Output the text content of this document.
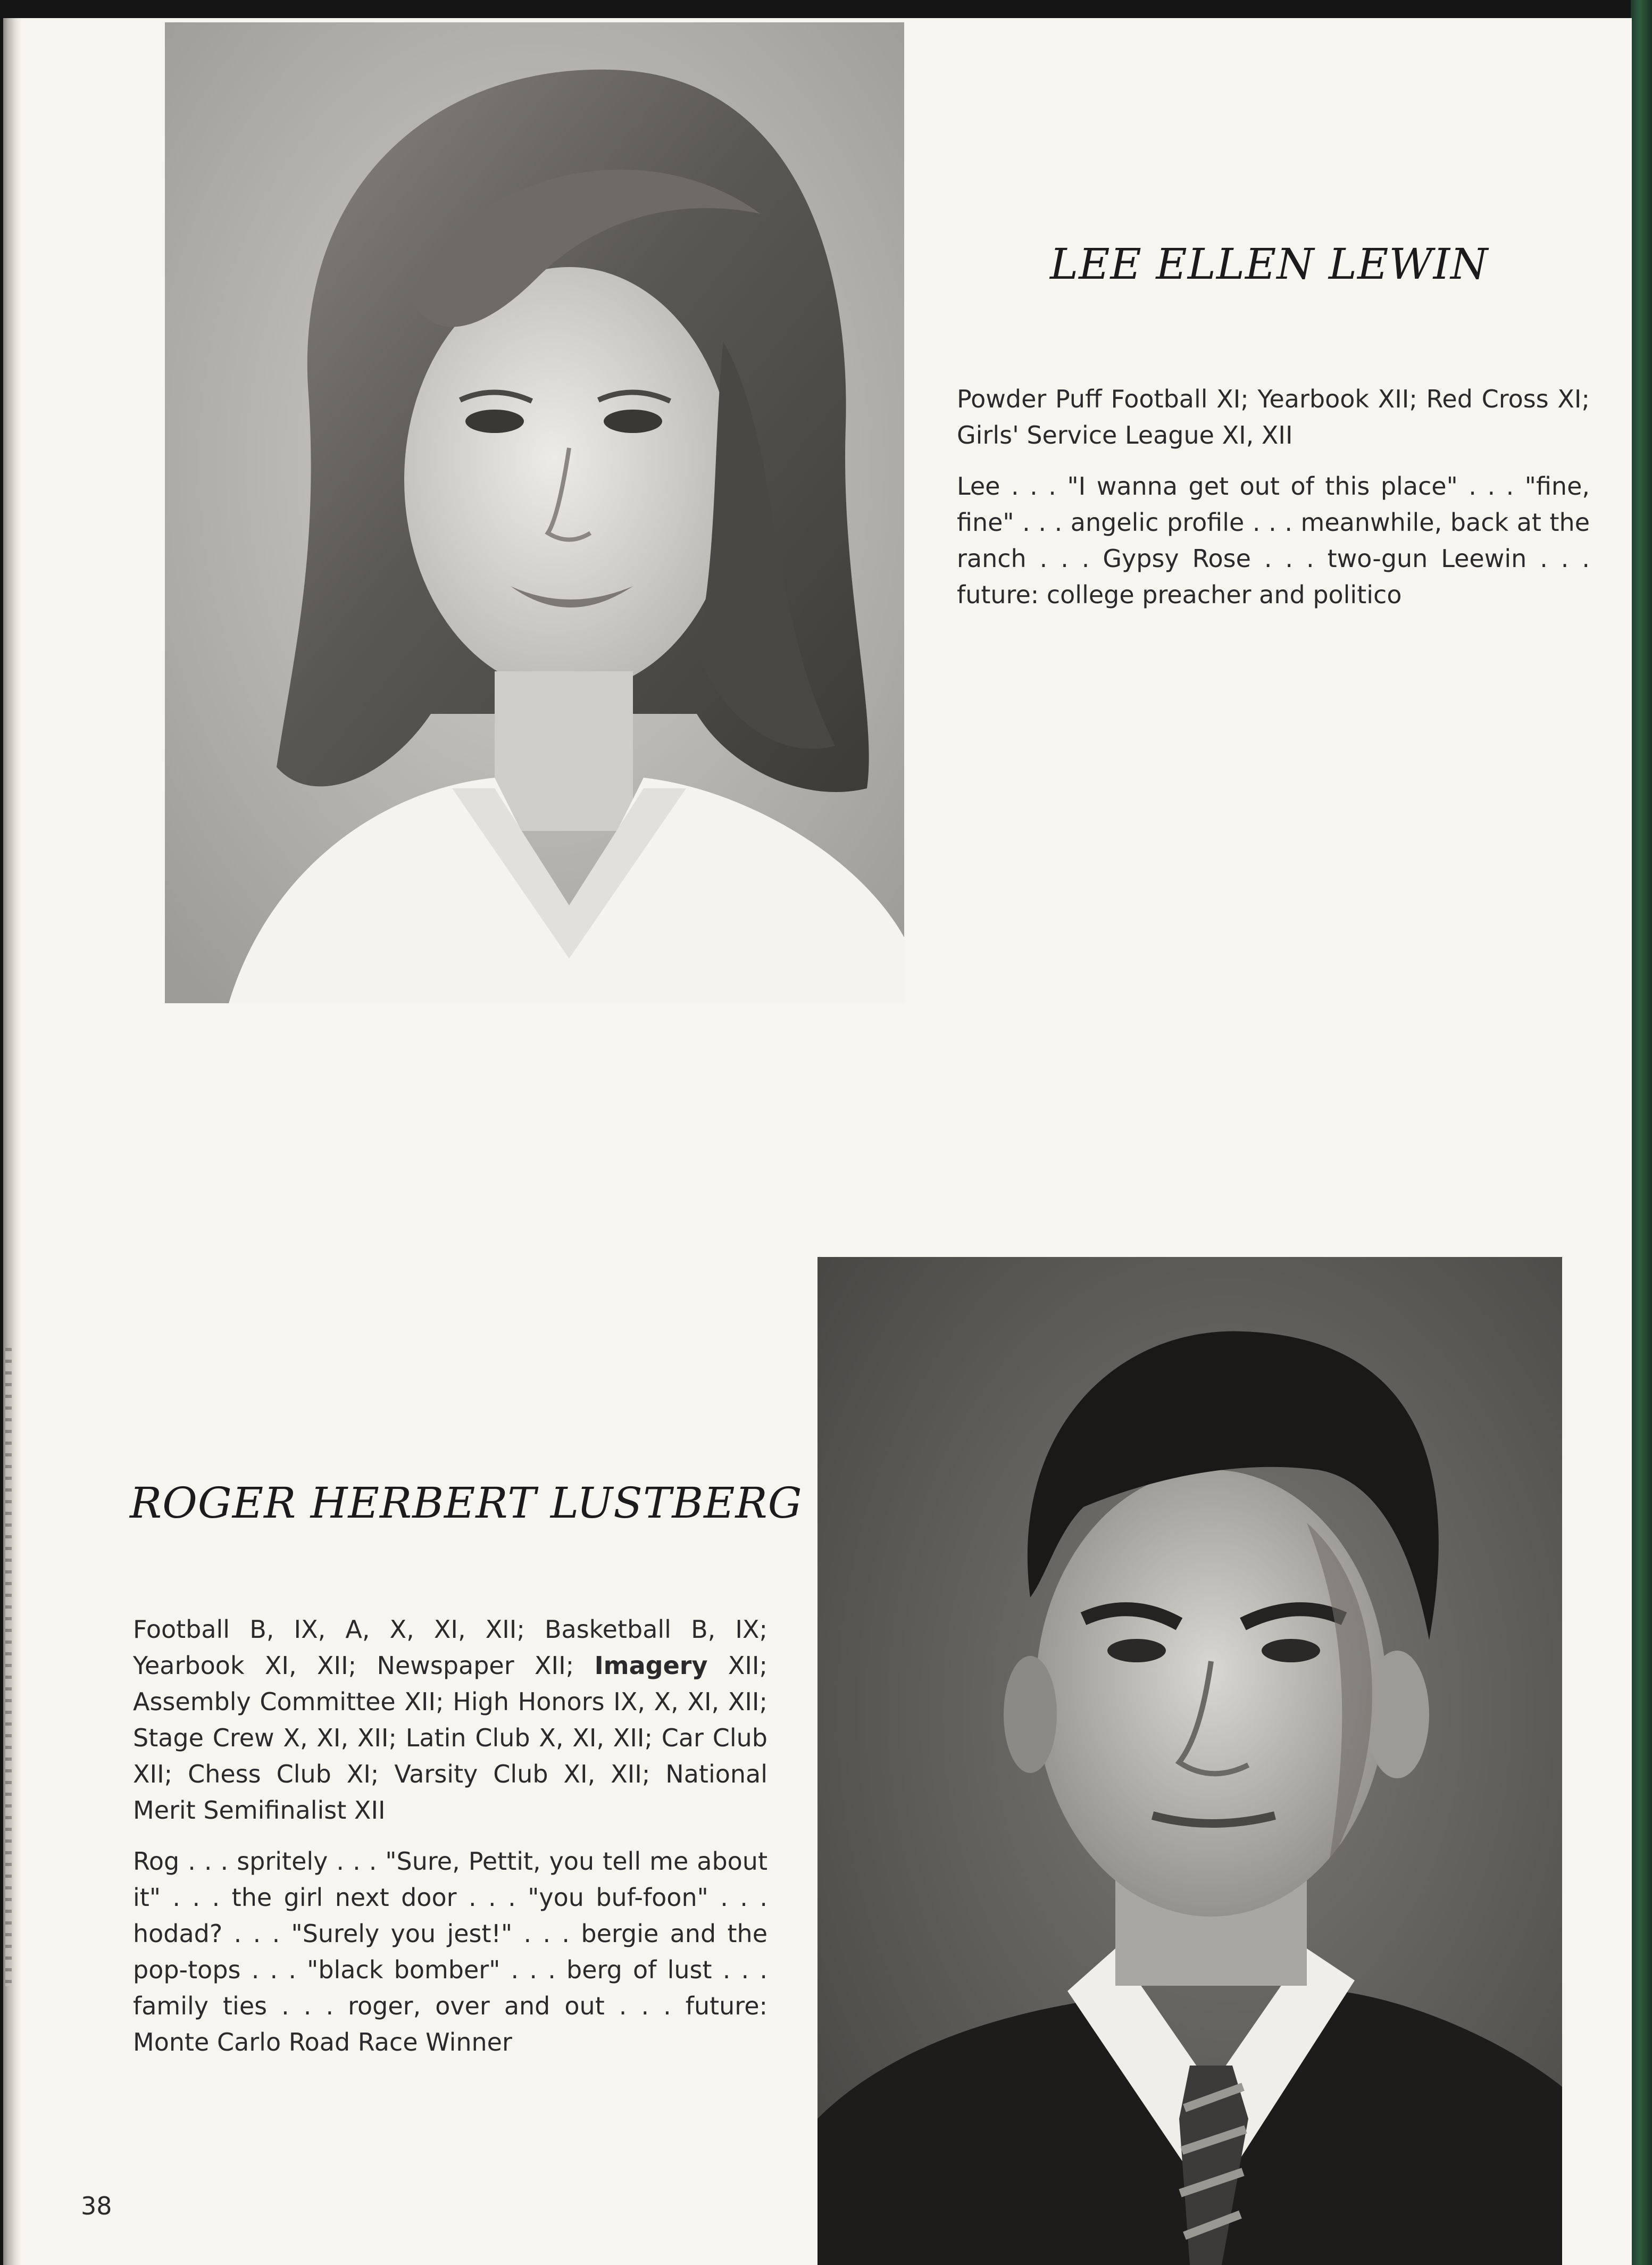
LEE ELLEN LEWIN

Powder Puff Football XI; Yearbook XII; Red Cross XI; Girls' Service League XI, XII

Lee . . . "I wanna get out of this place" . . . "fine, fine" . . . angelic profile . . . meanwhile, back at the ranch . . . Gypsy Rose . . . two-gun Leewin . . . future: college preacher and politico

ROGER HERBERT LUSTBERG

Football B, IX, A, X, XI, XII; Basketball B, IX; Yearbook XI, XII; Newspaper XII; Imagery XII; Assembly Committee XII; High Honors IX, X, XI, XII; Stage Crew X, XI, XII; Latin Club X, XI, XII; Car Club XII; Chess Club XI; Varsity Club XI, XII; National Merit Semifinalist XII

Rog . . . spritely . . . "Sure, Pettit, you tell me about it" . . . the girl next door . . . "you buf-foon" . . . hodad? . . . "Surely you jest!" . . . bergie and the pop-tops . . . "black bomber" . . . berg of lust . . . family ties . . . roger, over and out . . . future: Monte Carlo Road Race Winner

38
